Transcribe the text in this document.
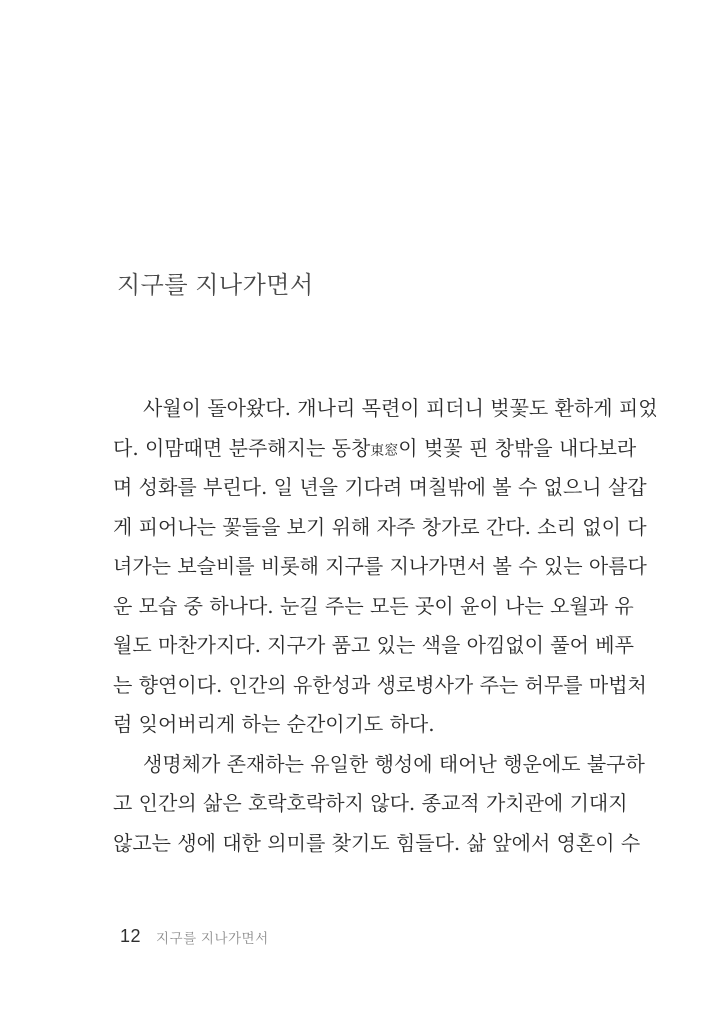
지구를 지나가면서
사월이 돌아왔다. 개나리 목련이 피더니 벚꽃도 환하게 피었
다. 이맘때면 분주해지는 동창東窓이 벚꽃 핀 창밖을 내다보라
며 성화를 부린다. 일 년을 기다려 며칠밖에 볼 수 없으니 살갑
게 피어나는 꽃들을 보기 위해 자주 창가로 간다. 소리 없이 다
녀가는 보슬비를 비롯해 지구를 지나가면서 볼 수 있는 아름다
운 모습 중 하나다. 눈길 주는 모든 곳이 윤이 나는 오월과 유
월도 마찬가지다. 지구가 품고 있는 색을 아낌없이 풀어 베푸
는 향연이다. 인간의 유한성과 생로병사가 주는 허무를 마법처
럼 잊어버리게 하는 순간이기도 하다.
생명체가 존재하는 유일한 행성에 태어난 행운에도 불구하
고 인간의 삶은 호락호락하지 않다. 종교적 가치관에 기대지
않고는 생에 대한 의미를 찾기도 힘들다. 삶 앞에서 영혼이 수
12 지구를 지나가면서
